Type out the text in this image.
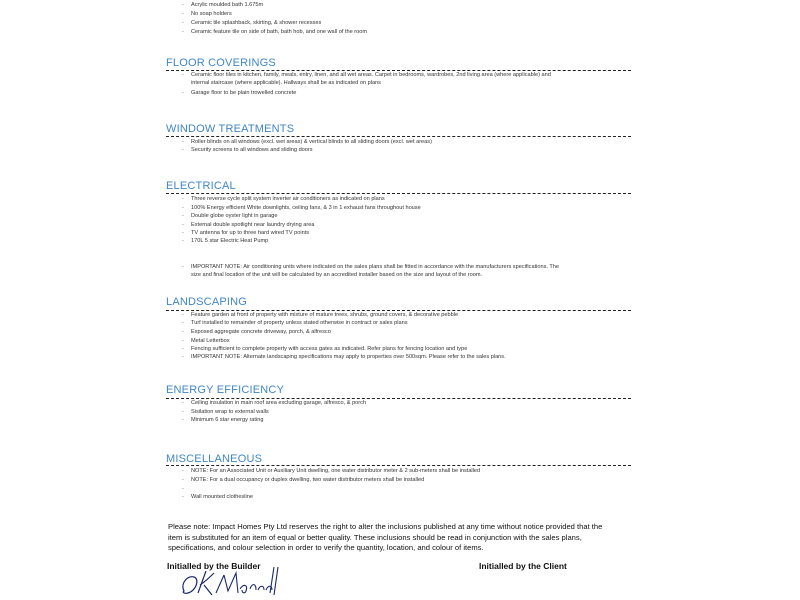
- Acrylic moulded bath 1.675m
- No soap holders
- Ceramic tile splashback, skirting, & shower recesses
- Ceramic feature tile on side of bath, bath hob, and one wall of the room
FLOOR COVERINGS
- Ceramic floor tiles in kitchen, family, meals, entry, linen, and all wet areas. Carpet in bedrooms, wardrobes, 2nd living area (where applicable) and
internal staircase (where applicable). Hallways shall be as indicated on plans
- Garage floor to be plain trowelled concrete
WINDOW TREATMENTS
- Roller blinds on all windows (excl. wet areas) & vertical blinds to all sliding doors (excl. wet areas)
- Security screens to all windows and sliding doors
ELECTRICAL
- Three reverse cycle split system inverter air conditioners as indicated on plans
- 100% Energy efficient White downlights, ceiling fans, & 3 in 1 exhaust fans throughout house
- Double globe oyster light in garage
- External double spotlight near laundry drying area
- TV antenna for up to three hard wired TV points
- 170L 5 star Electric Heat Pump
- IMPORTANT NOTE: Air conditioning units where indicated on the sales plans shall be fitted in accordance with the manufacturers specifications. The
size and final location of the unit will be calculated by an accredited installer based on the size and layout of the room.
LANDSCAPING
- Feature garden at front of property with mixture of mature trees, shrubs, ground covers, & decorative pebble
- Turf installed to remainder of property unless stated otherwise in contract or sales plans
- Exposed aggregate concrete driveway, porch, & alfresco
- Metal Letterbox
- Fencing sufficient to complete property with access gates as indicated. Refer plans for fencing location and type
- IMPORTANT NOTE: Alternate landscaping specifications may apply to properties over 500sqm. Please refer to the sales plans.
ENERGY EFFICIENCY
- Ceiling insulation in main roof area excluding garage, alfresco, & porch
- Sisilation wrap to external walls
- Minimum 6 star energy rating
MISCELLANEOUS
- NOTE: For an Associated Unit or Auxiliary Unit dwelling, one water distributor meter & 2 sub-meters shall be installed
- NOTE: For a dual occupancy or duplex dwelling, two water distributor meters shall be installed
-
- Wall mounted clothesline
Please note: Impact Homes Pty Ltd reserves the right to alter the inclusions published at any time without notice provided that the
item is substituted for an item of equal or better quality. These inclusions should be read in conjunction with the sales plans,
specifications, and colour selection in order to verify the quantity, location, and colour of items.
Initialled by the Builder	Initialled by the Client
